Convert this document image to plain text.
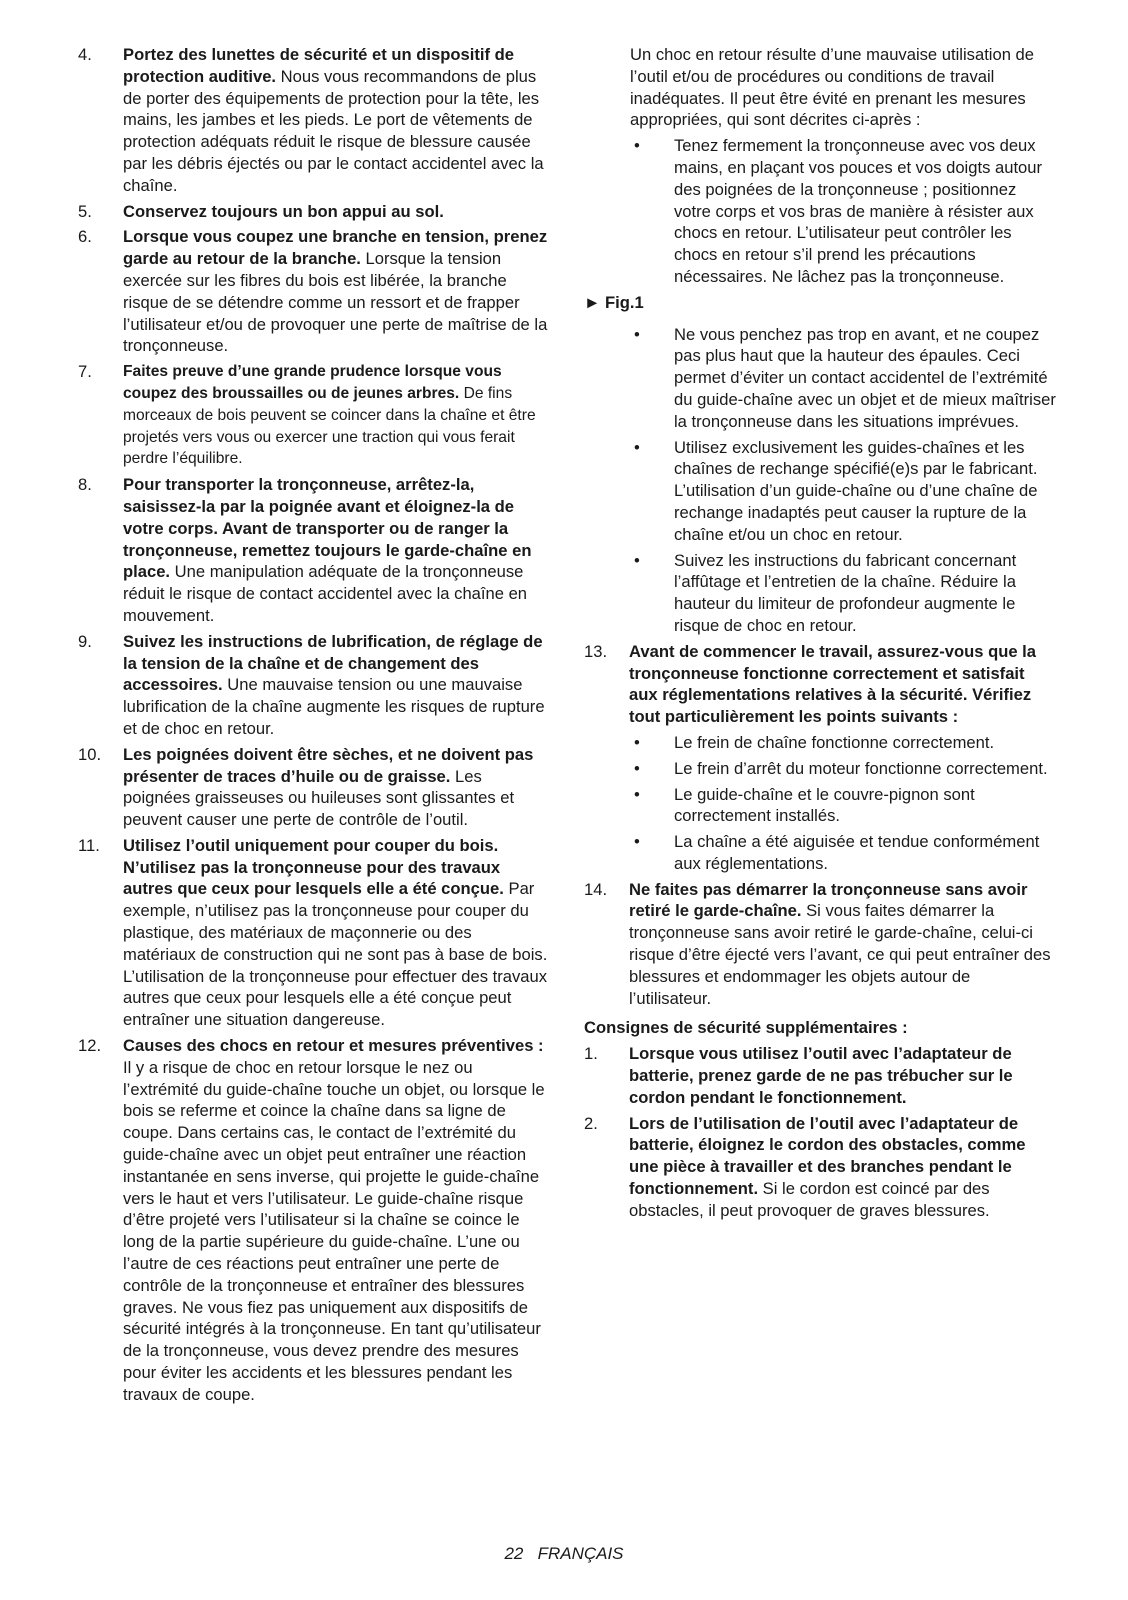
4.	Portez des lunettes de sécurité et un dispositif de protection auditive. Nous vous recommandons de plus de porter des équipements de protection pour la tête, les mains, les jambes et les pieds. Le port de vêtements de protection adéquats réduit le risque de blessure causée par les débris éjectés ou par le contact accidentel avec la chaîne.
5.	Conservez toujours un bon appui au sol.
6.	Lorsque vous coupez une branche en tension, prenez garde au retour de la branche. Lorsque la tension exercée sur les fibres du bois est libérée, la branche risque de se détendre comme un ressort et de frapper l’utilisateur et/ou de provoquer une perte de maîtrise de la tronçonneuse.
7.	Faites preuve d’une grande prudence lorsque vous coupez des broussailles ou de jeunes arbres. De fins morceaux de bois peuvent se coincer dans la chaîne et être projetés vers vous ou exercer une traction qui vous ferait perdre l’équilibre.
8.	Pour transporter la tronçonneuse, arrêtez-la, saisissez-la par la poignée avant et éloignez-la de votre corps. Avant de transporter ou de ranger la tronçonneuse, remettez toujours le garde-chaîne en place. Une manipulation adéquate de la tronçonneuse réduit le risque de contact accidentel avec la chaîne en mouvement.
9.	Suivez les instructions de lubrification, de réglage de la tension de la chaîne et de changement des accessoires. Une mauvaise tension ou une mauvaise lubrification de la chaîne augmente les risques de rupture et de choc en retour.
10.	Les poignées doivent être sèches, et ne doivent pas présenter de traces d’huile ou de graisse. Les poignées graisseuses ou huileuses sont glissantes et peuvent causer une perte de contrôle de l’outil.
11.	Utilisez l’outil uniquement pour couper du bois. N’utilisez pas la tronçonneuse pour des travaux autres que ceux pour lesquels elle a été conçue. Par exemple, n’utilisez pas la tronçonneuse pour couper du plastique, des matériaux de maçonnerie ou des matériaux de construction qui ne sont pas à base de bois. L’utilisation de la tronçonneuse pour effectuer des travaux autres que ceux pour lesquels elle a été conçue peut entraîner une situation dangereuse.
12.	Causes des chocs en retour et mesures préventives :
Il y a risque de choc en retour lorsque le nez ou l’extrémité du guide-chaîne touche un objet, ou lorsque le bois se referme et coince la chaîne dans sa ligne de coupe. Dans certains cas, le contact de l’extrémité du guide-chaîne avec un objet peut entraîner une réaction instantanée en sens inverse, qui projette le guide-chaîne vers le haut et vers l’utilisateur. Le guide-chaîne risque d’être projeté vers l’utilisateur si la chaîne se coince le long de la partie supérieure du guide-chaîne. L’une ou l’autre de ces réactions peut entraîner une perte de contrôle de la tronçonneuse et entraîner des blessures graves. Ne vous fiez pas uniquement aux dispositifs de sécurité intégrés à la tronçonneuse. En tant qu’utilisateur de la tronçonneuse, vous devez prendre des mesures pour éviter les accidents et les blessures pendant les travaux de coupe.
Un choc en retour résulte d’une mauvaise utilisation de l’outil et/ou de procédures ou conditions de travail inadéquates. Il peut être évité en prenant les mesures appropriées, qui sont décrites ci-après :
•	Tenez fermement la tronçonneuse avec vos deux mains, en plaçant vos pouces et vos doigts autour des poignées de la tronçonneuse ; positionnez votre corps et vos bras de manière à résister aux chocs en retour. L’utilisateur peut contrôler les chocs en retour s’il prend les précautions nécessaires. Ne lâchez pas la tronçonneuse.
► Fig.1
•	Ne vous penchez pas trop en avant, et ne coupez pas plus haut que la hauteur des épaules. Ceci permet d’éviter un contact accidentel de l’extrémité du guide-chaîne avec un objet et de mieux maîtriser la tronçonneuse dans les situations imprévues.
•	Utilisez exclusivement les guides-chaînes et les chaînes de rechange spécifié(e)s par le fabricant. L’utilisation d’un guide-chaîne ou d’une chaîne de rechange inadaptés peut causer la rupture de la chaîne et/ou un choc en retour.
•	Suivez les instructions du fabricant concernant l’affûtage et l’entretien de la chaîne. Réduire la hauteur du limiteur de profondeur augmente le risque de choc en retour.
13.	Avant de commencer le travail, assurez-vous que la tronçonneuse fonctionne correctement et satisfait aux réglementations relatives à la sécurité. Vérifiez tout particulièrement les points suivants :
•	Le frein de chaîne fonctionne correctement.
•	Le frein d’arrêt du moteur fonctionne correctement.
•	Le guide-chaîne et le couvre-pignon sont correctement installés.
•	La chaîne a été aiguisée et tendue conformément aux réglementations.
14.	Ne faites pas démarrer la tronçonneuse sans avoir retiré le garde-chaîne. Si vous faites démarrer la tronçonneuse sans avoir retiré le garde-chaîne, celui-ci risque d’être éjecté vers l’avant, ce qui peut entraîner des blessures et endommager les objets autour de l’utilisateur.
Consignes de sécurité supplémentaires :
1.	Lorsque vous utilisez l’outil avec l’adaptateur de batterie, prenez garde de ne pas trébucher sur le cordon pendant le fonctionnement.
2.	Lors de l’utilisation de l’outil avec l’adaptateur de batterie, éloignez le cordon des obstacles, comme une pièce à travailler et des branches pendant le fonctionnement. Si le cordon est coincé par des obstacles, il peut provoquer de graves blessures.
22 FRANÇAIS
